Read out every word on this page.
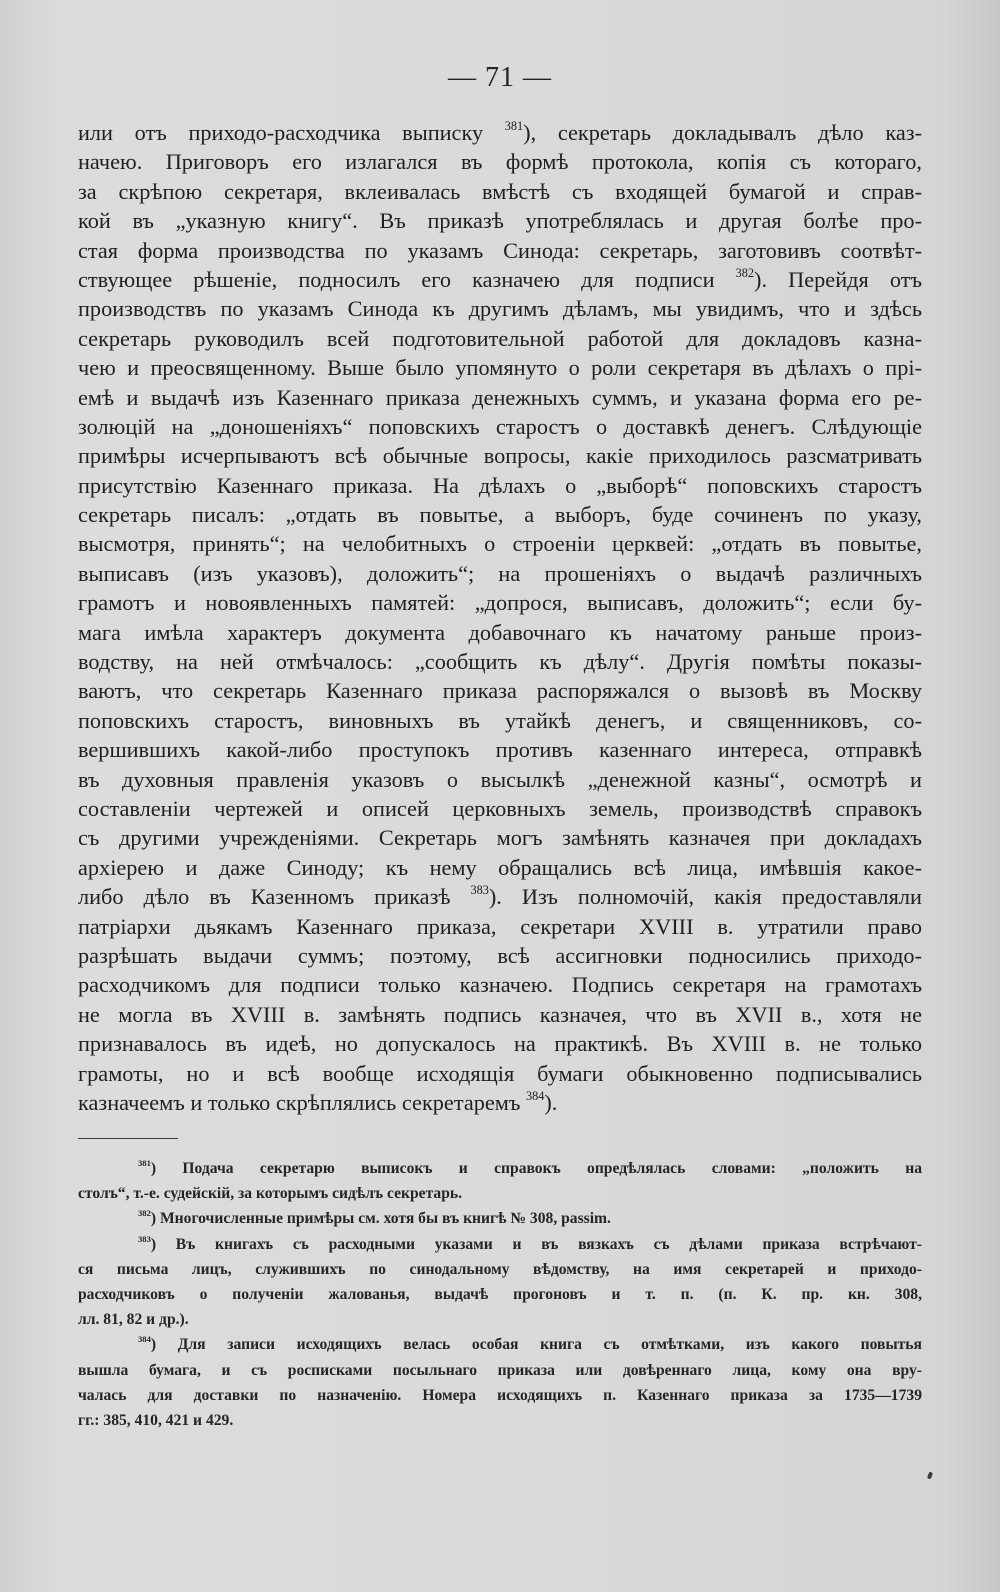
— 71 —
или отъ приходо-расходчика выписку $^{381}$), секретарь докладывалъ дѣло каз-
начею. Приговоръ его излагался въ формѣ протокола, копія съ котораго,
за скрѣпою секретаря, вклеивалась вмѣстѣ съ входящей бумагой и справ-
кой въ „указную книгу“. Въ приказѣ употреблялась и другая болѣе про-
стая форма производства по указамъ Синода: секретарь, заготовивъ соотвѣт-
ствующее рѣшеніе, подносилъ его казначею для подписи $^{382}$). Перейдя отъ
производствъ по указамъ Синода къ другимъ дѣламъ, мы увидимъ, что и здѣсь
секретарь руководилъ всей подготовительной работой для докладовъ казна-
чею и преосвященному. Выше было упомянуто о роли секретаря въ дѣлахъ о прі-
емѣ и выдачѣ изъ Казеннаго приказа денежныхъ суммъ, и указана форма его ре-
золюцій на „доношеніяхъ“ поповскихъ старостъ о доставкѣ денегъ. Слѣдующіе
примѣры исчерпываютъ всѣ обычные вопросы, какіе приходилось разсматривать
присутствію Казеннаго приказа. На дѣлахъ о „выборѣ“ поповскихъ старостъ
секретарь писалъ: „отдать въ повытье, а выборъ, буде сочиненъ по указу,
высмотря, принять“; на челобитныхъ о строеніи церквей: „отдать въ повытье,
выписавъ (изъ указовъ), доложить“; на прошеніяхъ о выдачѣ различныхъ
грамотъ и новоявленныхъ памятей: „допрося, выписавъ, доложить“; если бу-
мага имѣла характеръ документа добавочнаго къ начатому раньше произ-
водству, на ней отмѣчалось: „сообщить къ дѣлу“. Другія помѣты показы-
ваютъ, что секретарь Казеннаго приказа распоряжался о вызовѣ въ Москву
поповскихъ старостъ, виновныхъ въ утайкѣ денегъ, и священниковъ, со-
вершившихъ какой-либо проступокъ противъ казеннаго интереса, отправкѣ
въ духовныя правленія указовъ о высылкѣ „денежной казны“, осмотрѣ и
составленіи чертежей и описей церковныхъ земель, производствѣ справокъ
съ другими учрежденіями. Секретарь могъ замѣнять казначея при докладахъ
архіерею и даже Синоду; къ нему обращались всѣ лица, имѣвшія какое-
либо дѣло въ Казенномъ приказѣ $^{383}$). Изъ полномочій, какія предоставляли
патріархи дьякамъ Казеннаго приказа, секретари XVIII в. утратили право
разрѣшать выдачи суммъ; поэтому, всѣ ассигновки подносились приходо-
расходчикомъ для подписи только казначею. Подпись секретаря на грамотахъ
не могла въ XVIII в. замѣнять подпись казначея, что въ XVII в., хотя не
признавалось въ идеѣ, но допускалось на практикѣ. Въ XVIII в. не только
грамоты, но и всѣ вообще исходящія бумаги обыкновенно подписывались
казначеемъ и только скрѣплялись секретаремъ $^{384}$).
$^{381}$) Подача секретарю выписокъ и справокъ опредѣлялась словами: „положить на
столъ“, т.-е. судейскій, за которымъ сидѣлъ секретарь.
$^{382}$) Многочисленные примѣры см. хотя бы въ книгѣ № 308, passim.
$^{383}$) Въ книгахъ съ расходными указами и въ вязкахъ съ дѣлами приказа встрѣчают-
ся письма лицъ, служившихъ по синодальному вѣдомству, на имя секретарей и приходо-
расходчиковъ о полученіи жалованья, выдачѣ прогоновъ и т. п. (п. К. пр. кн. 308,
лл. 81, 82 и др.).
$^{384}$) Для записи исходящихъ велась особая книга съ отмѣтками, изъ какого повытья
вышла бумага, и съ росписками посыльнаго приказа или довѣреннаго лица, кому она вру-
чалась для доставки по назначенію. Номера исходящихъ п. Казеннаго приказа за 1735—1739
гг.: 385, 410, 421 и 429.
